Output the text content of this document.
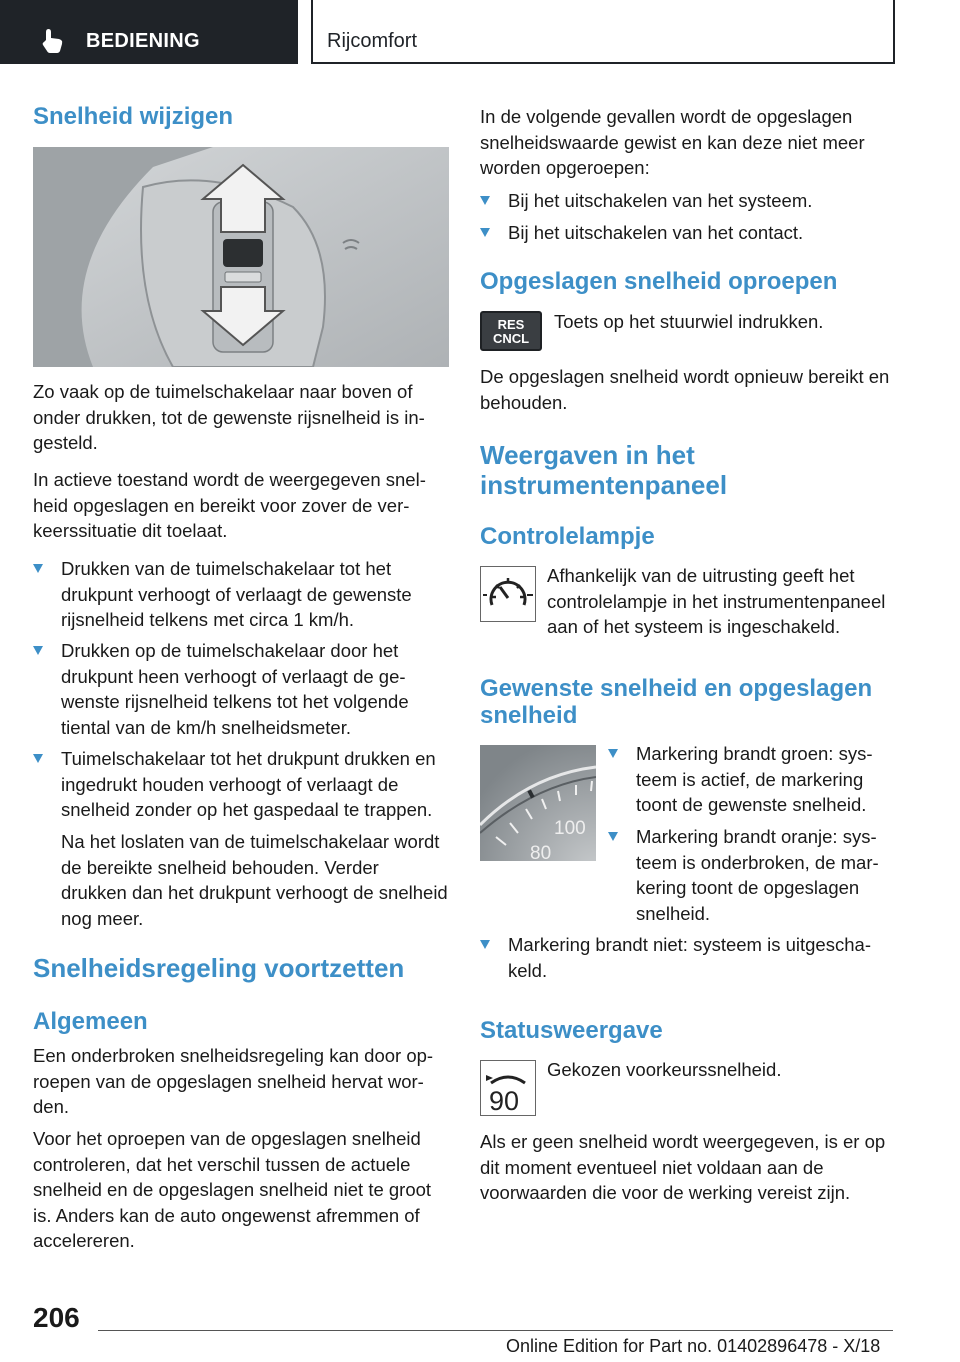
BEDIENING	Rijcomfort
Snelheid wijzigen

Zo vaak op de tuimelschakelaar naar boven of onder drukken, tot de gewenste rijsnelheid is ingesteld.

In actieve toestand wordt de weergegeven snelheid opgeslagen en bereikt voor zover de verkeerssituatie dit toelaat.

Drukken van de tuimelschakelaar tot het drukpunt verhoogt of verlaagt de gewenste rijsnelheid telkens met circa 1 km/h.
Drukken op de tuimelschakelaar door het drukpunt heen verhoogt of verlaagt de gewenste rijsnelheid telkens tot het volgende tiental van de km/h snelheidsmeter.
Tuimelschakelaar tot het drukpunt drukken en ingedrukt houden verhoogt of verlaagt de snelheid zonder op het gaspedaal te trappen.

Na het loslaten van de tuimelschakelaar wordt de bereikte snelheid behouden. Verder drukken dan het drukpunt verhoogt de snelheid nog meer.

Snelheidsregeling voortzetten
Algemeen

Een onderbroken snelheidsregeling kan door oproepen van de opgeslagen snelheid hervat worden.

Voor het oproepen van de opgeslagen snelheid controleren, dat het verschil tussen de actuele snelheid en de opgeslagen snelheid niet te groot is. Anders kan de auto ongewenst afremmen of accelereren.

In de volgende gevallen wordt de opgeslagen snelheidswaarde gewist en kan deze niet meer worden opgeroepen:

Bij het uitschakelen van het systeem.
Bij het uitschakelen van het contact.
Opgeslagen snelheid oproepen
RES
CNCL

Toets op het stuurwiel indrukken.

De opgeslagen snelheid wordt opnieuw bereikt en behouden.

Weergaven in het instrumentenpaneel
Controlelampje

Afhankelijk van de uitrusting geeft het controlelampje in het instrumentenpaneel aan of het systeem is ingeschakeld.

Gewenste snelheid en opgeslagen snelheid
100
80
Markering brandt groen: systeem is actief, de markering toont de gewenste snelheid.
Markering brandt oranje: systeem is onderbroken, de markering toont de opgeslagen snelheid.
Markering brandt niet: systeem is uitgeschakeld.
Statusweergave
90

Gekozen voorkeurssnelheid.

Als er geen snelheid wordt weergegeven, is er op dit moment eventueel niet voldaan aan de voorwaarden die voor de werking vereist zijn.

206
Online Edition for Part no. 01402896478 - X/18
